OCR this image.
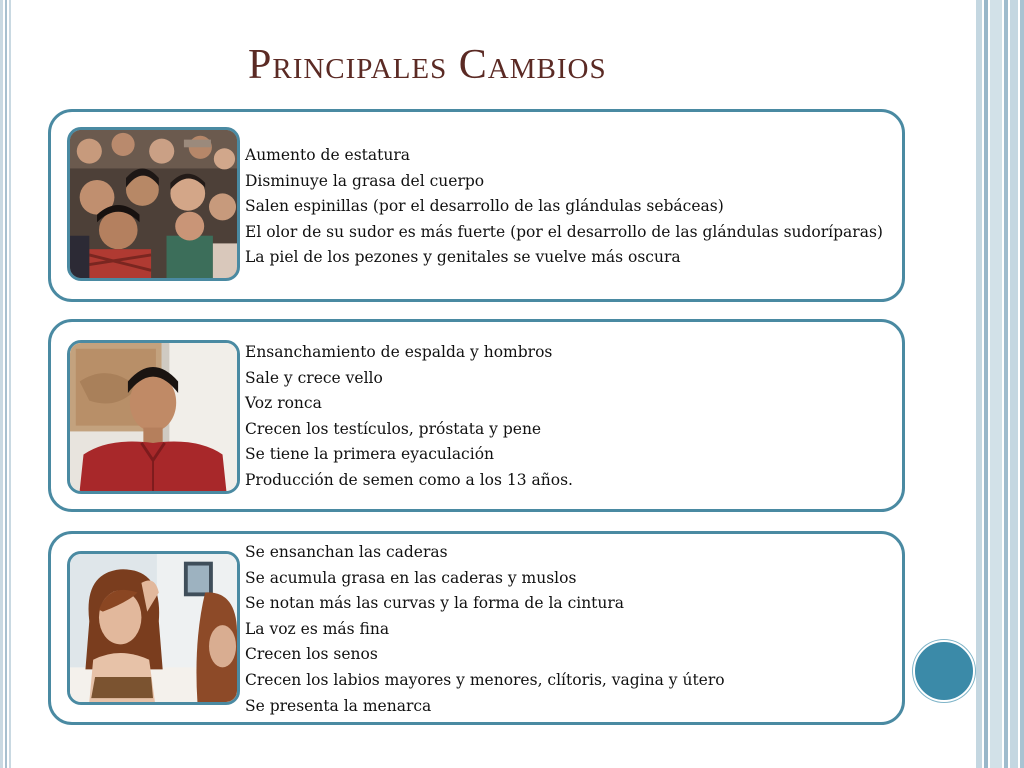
Principales Cambios
Aumento de estatura
Disminuye la grasa del cuerpo
Salen espinillas (por el desarrollo de las glándulas sebáceas)
El olor de su sudor es más fuerte (por el desarrollo de las glándulas sudoríparas)
La piel de los pezones y genitales se vuelve más oscura
Ensanchamiento de espalda y hombros
Sale y crece vello
Voz ronca
Crecen los testículos, próstata y pene
Se tiene la primera eyaculación
Producción de semen como a los 13 años.
Se ensanchan las caderas
Se acumula grasa en las caderas y muslos
Se notan más las curvas y la forma de la cintura
La voz es más fina
Crecen los senos
Crecen los labios mayores y menores, clítoris, vagina y útero
Se presenta la menarca
